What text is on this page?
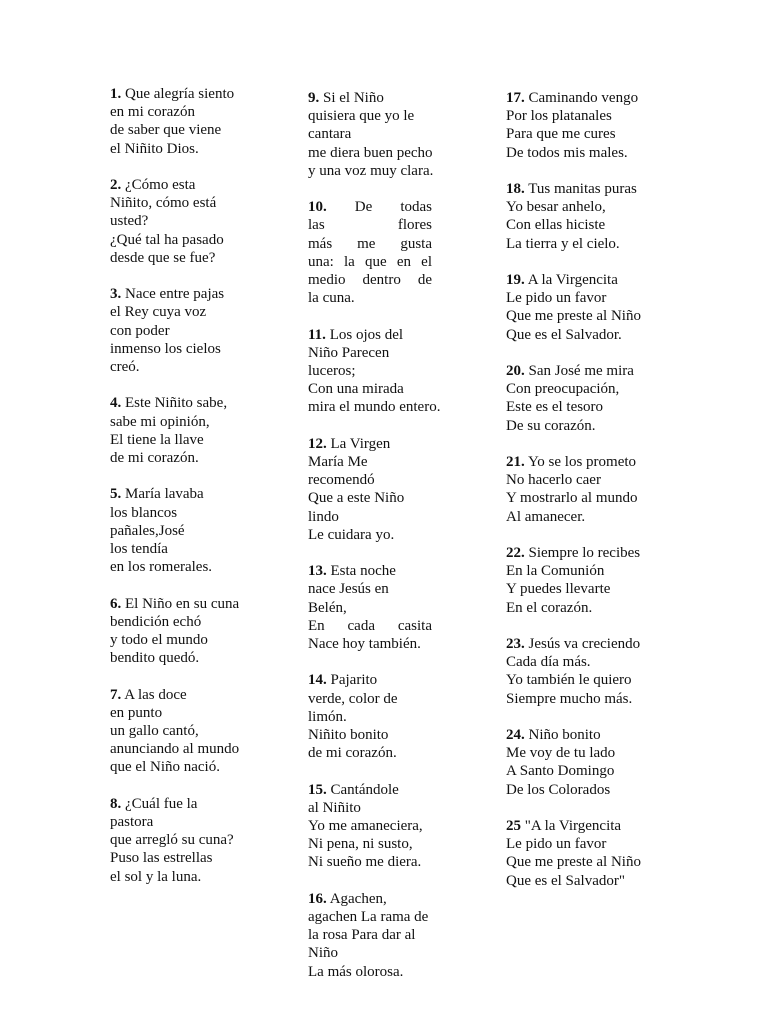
1. Que alegría siento
en mi corazón
de saber que viene
el Niñito Dios.
2. ¿Cómo esta
Niñito, cómo está
usted?
¿Qué tal ha pasado
desde que se fue?
3. Nace entre pajas
el Rey cuya voz
con poder
inmenso los cielos
creó.
4. Este Niñito sabe,
sabe mi opinión,
El tiene la llave
de mi corazón.
5. María lavaba
los blancos
pañales,José
los tendía
en los romerales.
6. El Niño en su cuna
bendición echó
y todo el mundo
bendito quedó.
7. A las doce
en punto
un gallo cantó,
anunciando al mundo
que el Niño nació.
8. ¿Cuál fue la
pastora
que arregló su cuna?
Puso las estrellas
el sol y la luna.
9. Si el Niño
quisiera que yo le
cantara
me diera buen pecho
y una voz muy clara.
10. De todas
las flores
más me gusta
una: la que en el
medio dentro de
la cuna.
11. Los ojos del
Niño Parecen
luceros;
Con una mirada
mira el mundo entero.
12. La Virgen
María Me
recomendó
Que a este Niño
lindo
Le cuidara yo.
13. Esta noche
nace Jesús en
Belén,
En cada casita
Nace hoy también.
14. Pajarito
verde, color de
limón.
Niñito bonito
de mi corazón.
15. Cantándole
al Niñito
Yo me amaneciera,
Ni pena, ni susto,
Ni sueño me diera.
16. Agachen,
agachen La rama de
la rosa Para dar al
Niño
La más olorosa.
17. Caminando vengo
Por los platanales
Para que me cures
De todos mis males.
18. Tus manitas puras
Yo besar anhelo,
Con ellas hiciste
La tierra y el cielo.
19. A la Virgencita
Le pido un favor
Que me preste al Niño
Que es el Salvador.
20. San José me mira
Con preocupación,
Este es el tesoro
De su corazón.
21. Yo se los prometo
No hacerlo caer
Y mostrarlo al mundo
Al amanecer.
22. Siempre lo recibes
En la Comunión
Y puedes llevarte
En el corazón.
23. Jesús va creciendo
Cada día más.
Yo también le quiero
Siempre mucho más.
24. Niño bonito
Me voy de tu lado
A Santo Domingo
De los Colorados
25 "A la Virgencita
Le pido un favor
Que me preste al Niño
Que es el Salvador"
